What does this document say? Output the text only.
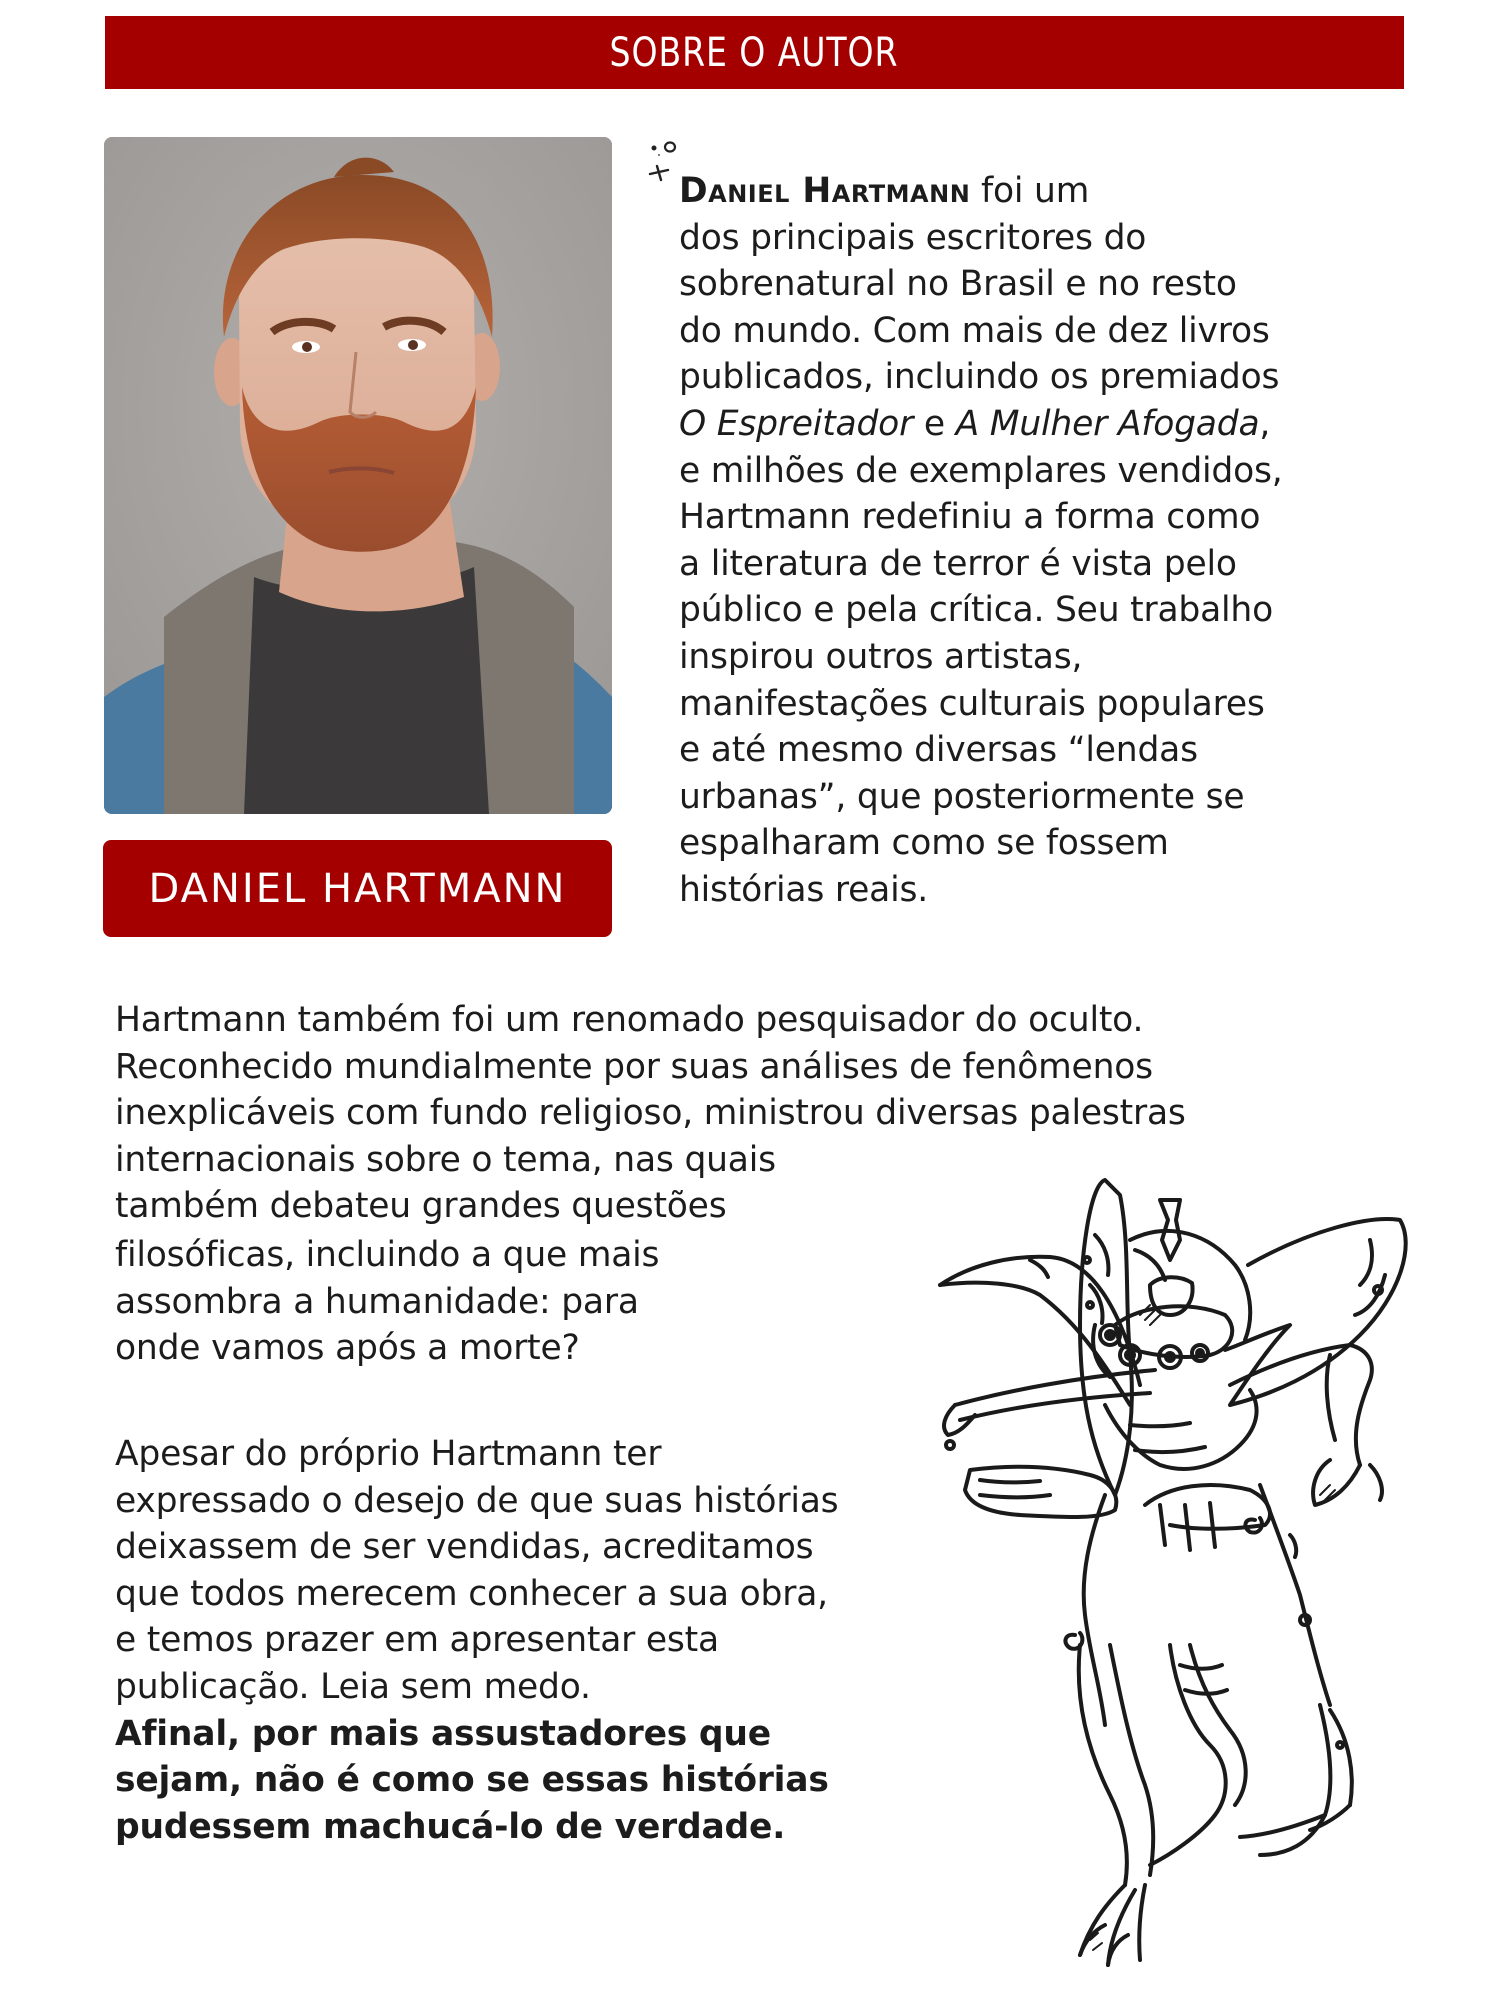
SOBRE O AUTOR
DANIEL HARTMANN
Daniel Hartmann foi um
dos principais escritores do
sobrenatural no Brasil e no resto
do mundo. Com mais de dez livros
publicados, incluindo os premiados
O Espreitador e A Mulher Afogada,
e milhões de exemplares vendidos,
Hartmann redefiniu a forma como
a literatura de terror é vista pelo
público e pela crítica. Seu trabalho
inspirou outros artistas,
manifestações culturais populares
e até mesmo diversas “lendas
urbanas”, que posteriormente se
espalharam como se fossem
histórias reais.
Hartmann também foi um renomado pesquisador do oculto.
Reconhecido mundialmente por suas análises de fenômenos
inexplicáveis com fundo religioso, ministrou diversas palestras
internacionais sobre o tema, nas quais
também debateu grandes questões
filosóficas, incluindo a que mais
assombra a humanidade: para
onde vamos após a morte?
Apesar do próprio Hartmann ter
expressado o desejo de que suas histórias
deixassem de ser vendidas, acreditamos
que todos merecem conhecer a sua obra,
e temos prazer em apresentar esta
publicação. Leia sem medo.
Afinal, por mais assustadores que
sejam, não é como se essas histórias
pudessem machucá-lo de verdade.
